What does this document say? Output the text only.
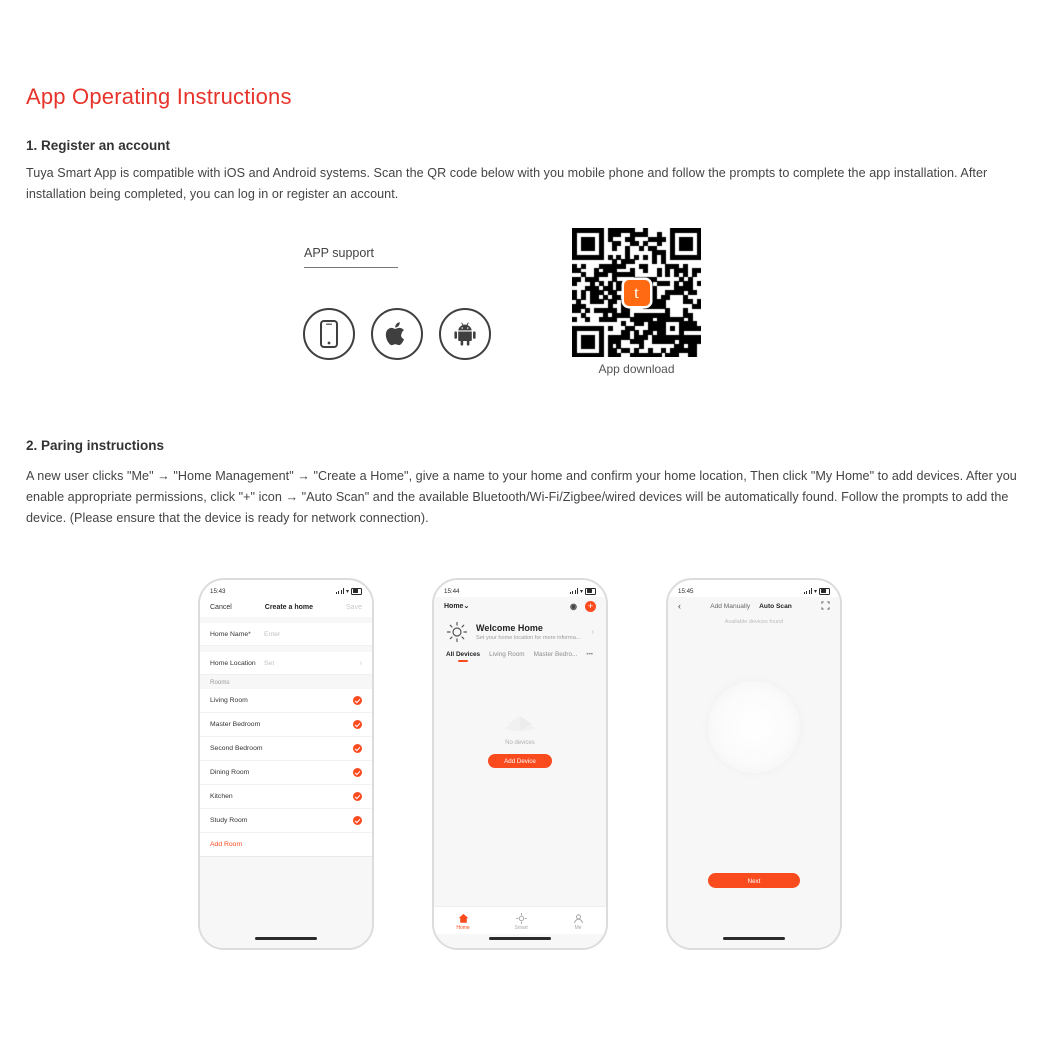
App Operating Instructions
1. Register an account
Tuya Smart App is compatible with iOS and Android systems. Scan the QR code below with you mobile phone and follow the prompts to complete the app installation. After installation being completed, you can log in or register an account.
APP support
t
App download
2. Paring instructions
A new user clicks "Me" → "Home Management" → "Create a Home", give a name to your home and confirm your home location, Then click "My Home" to add devices. After you enable appropriate permissions, click "+" icon → "Auto Scan" and the available Bluetooth/Wi-Fi/Zigbee/wired devices will be automatically found. Follow the prompts to add the device. (Please ensure that the device is ready for network connection).
15:43	▾
Cancel	Create a home	Save
Home Name*	Enter
Home Location	Set	›
Rooms
Living Room
Master Bedroom
Second Bedroom
Dining Room
Kitchen
Study Room
Add Room
15:44	▾
Home⌄	◉	+
Welcome Home
Set your home location for more informa...
›
All Devices Living Room Master Bedro... •••
No devices
Add Device
Home	Smart	Me
15:45	▾
‹	Add Manually Auto Scan
Available devices found
Next
